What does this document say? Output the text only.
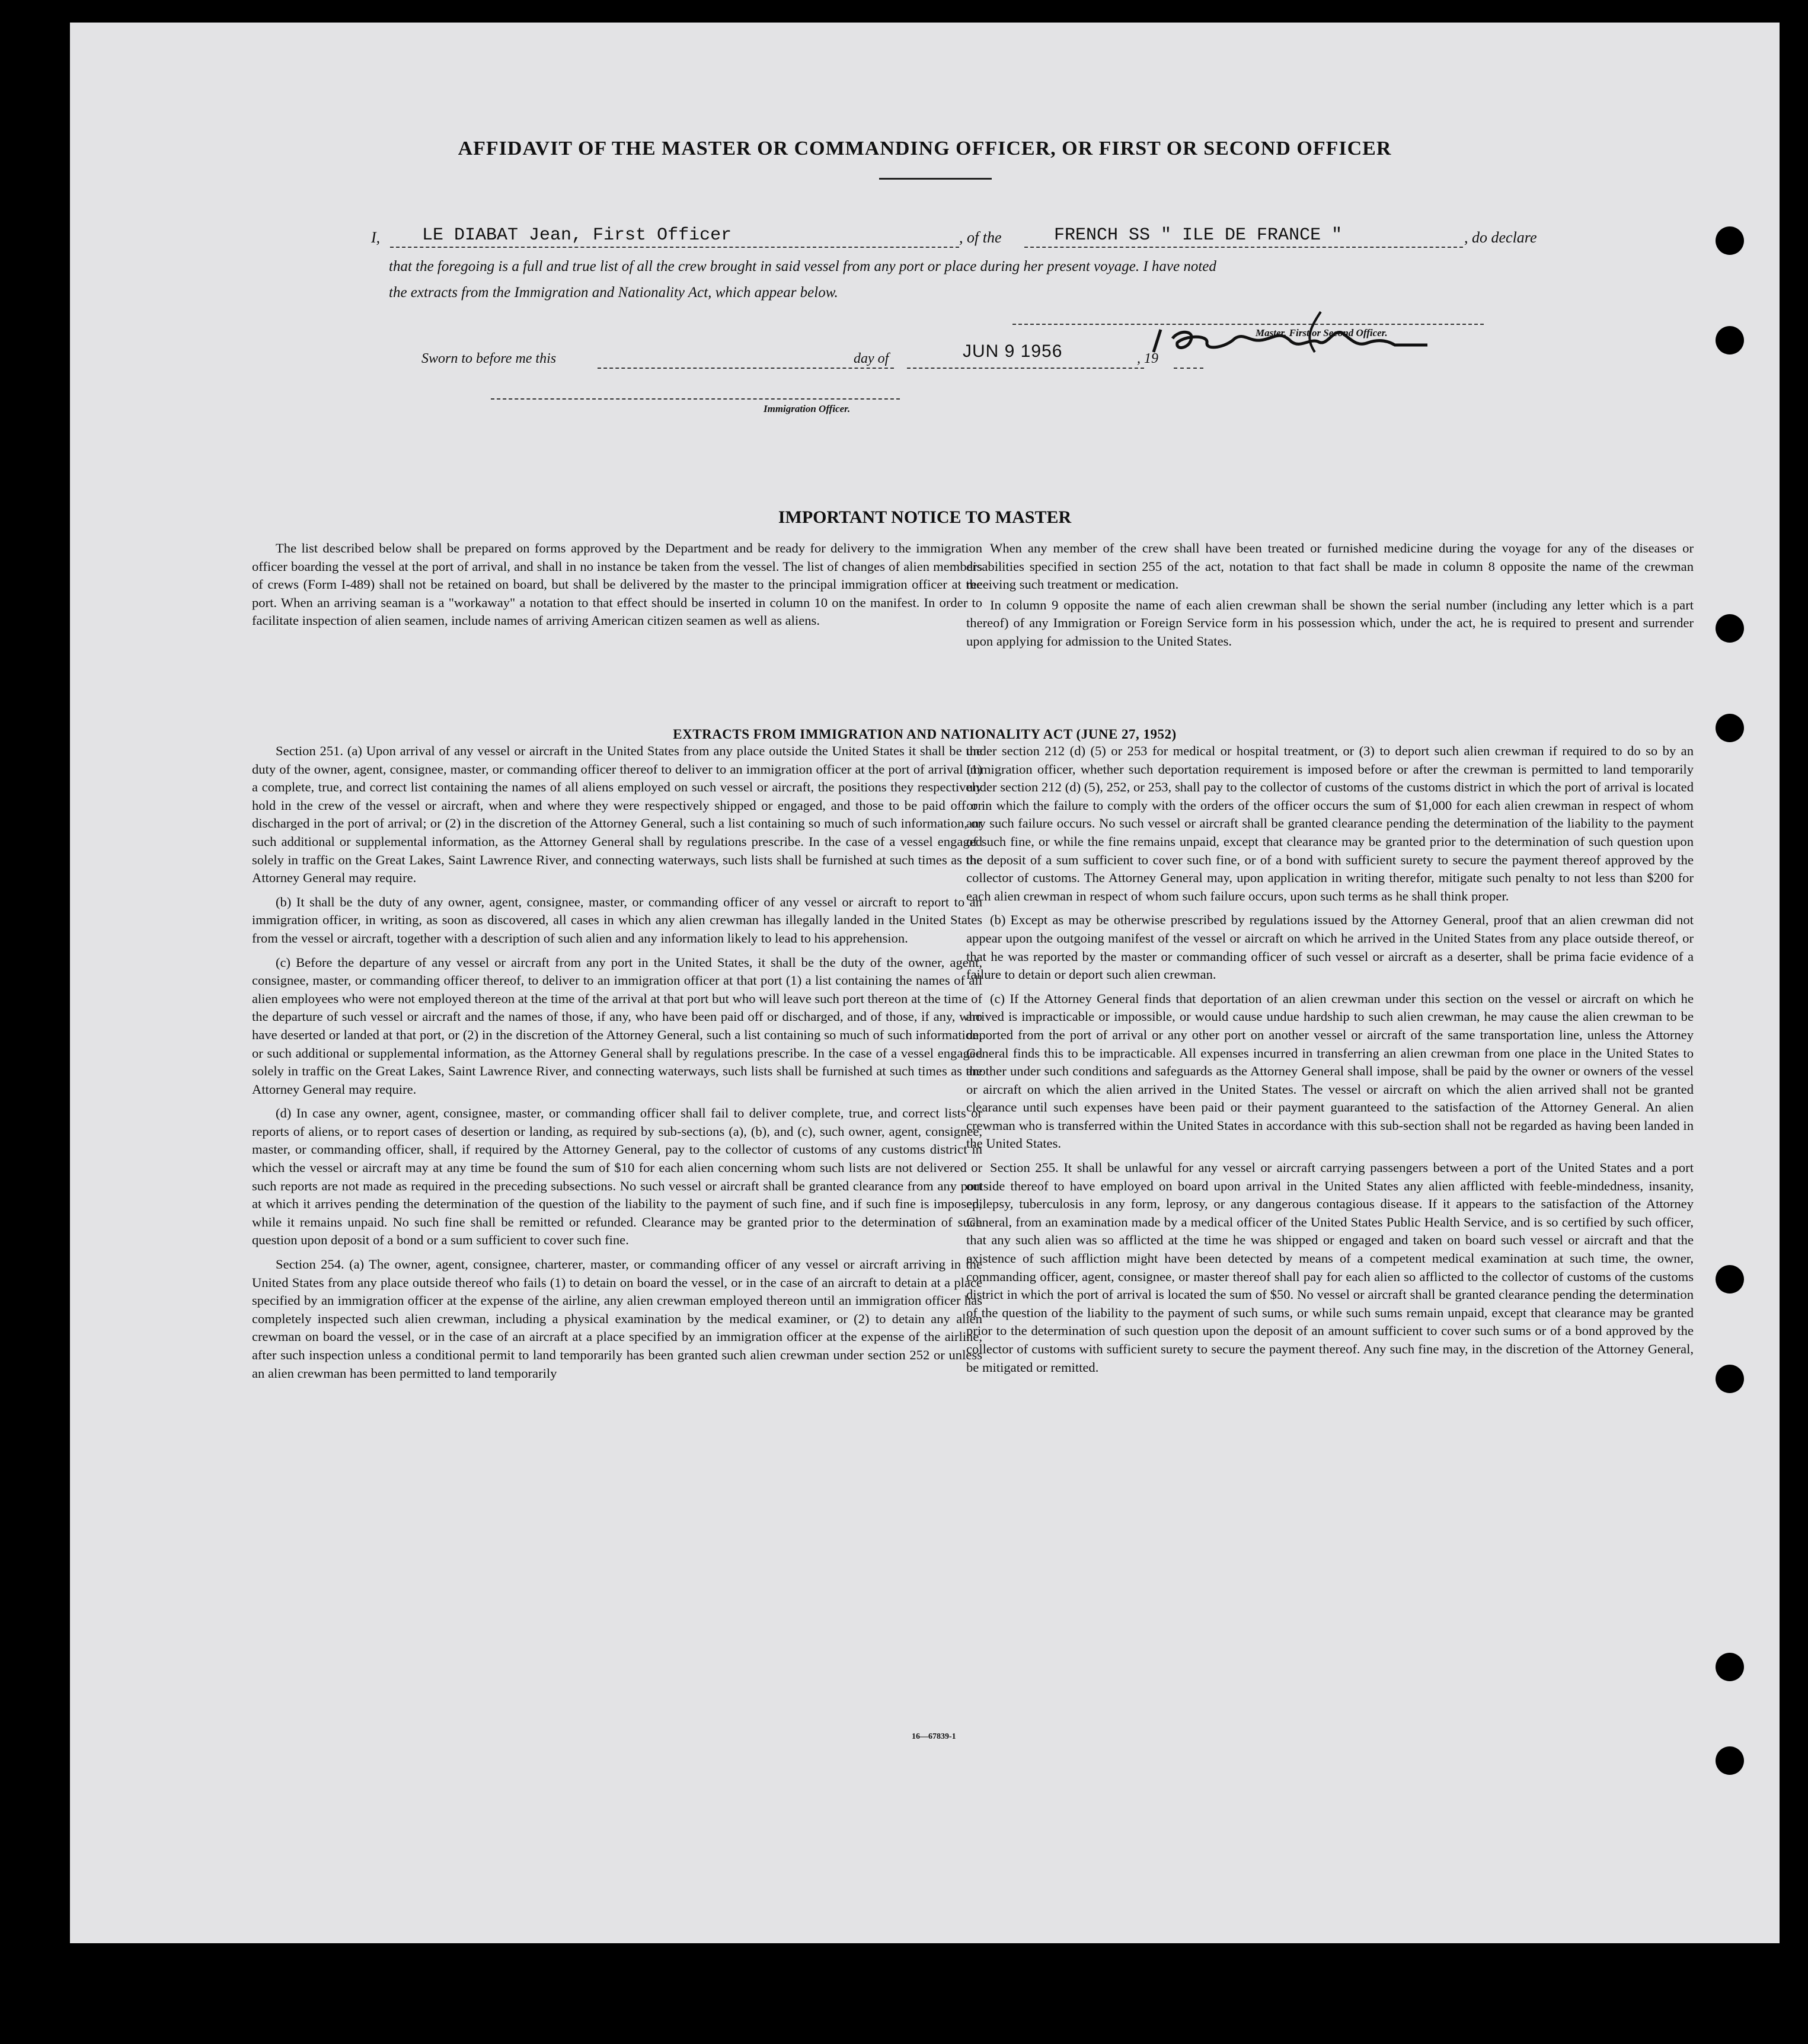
AFFIDAVIT OF THE MASTER OR COMMANDING OFFICER, OR FIRST OR SECOND OFFICER
I, LE DIABAT Jean, First Officer	, of the	FRENCH SS " ILE DE FRANCE "	, do declare
that the foregoing is a full and true list of all the crew brought in said vessel from any port or place during her present voyage. I have noted
the extracts from the Immigration and Nationality Act, which appear below.
Master, First or Second Officer.
Sworn to before me this	day of	JUN 9 1956	, 19
Immigration Officer.
IMPORTANT NOTICE TO MASTER

The list described below shall be prepared on forms approved by the Department and be ready for delivery to the immigration officer boarding the vessel at the port of arrival, and shall in no instance be taken from the vessel. The list of changes of alien members of crews (Form I-489) shall not be retained on board, but shall be delivered by the master to the principal immigration officer at the port. When an arriving seaman is a "workaway" a notation to that effect should be inserted in column 10 on the manifest. In order to facilitate inspection of alien seamen, include names of arriving American citizen seamen as well as aliens.

When any member of the crew shall have been treated or furnished medicine during the voyage for any of the diseases or disabilities specified in section 255 of the act, notation to that fact shall be made in column 8 opposite the name of the crewman receiving such treatment or medication.

In column 9 opposite the name of each alien crewman shall be shown the serial number (including any letter which is a part thereof) of any Immigration or Foreign Service form in his possession which, under the act, he is required to present and surrender upon applying for admission to the United States.

EXTRACTS FROM IMMIGRATION AND NATIONALITY ACT (JUNE 27, 1952)

Section 251. (a) Upon arrival of any vessel or aircraft in the United States from any place outside the United States it shall be the duty of the owner, agent, consignee, master, or commanding officer thereof to deliver to an immigration officer at the port of arrival (1) a complete, true, and correct list containing the names of all aliens employed on such vessel or aircraft, the positions they respectively hold in the crew of the vessel or aircraft, when and where they were respectively shipped or engaged, and those to be paid off or discharged in the port of arrival; or (2) in the discretion of the Attorney General, such a list containing so much of such information, or such additional or supplemental information, as the Attorney General shall by regulations prescribe. In the case of a vessel engaged solely in traffic on the Great Lakes, Saint Lawrence River, and connecting waterways, such lists shall be furnished at such times as the Attorney General may require.

(b) It shall be the duty of any owner, agent, consignee, master, or commanding officer of any vessel or aircraft to report to an immigration officer, in writing, as soon as discovered, all cases in which any alien crewman has illegally landed in the United States from the vessel or aircraft, together with a description of such alien and any information likely to lead to his apprehension.

(c) Before the departure of any vessel or aircraft from any port in the United States, it shall be the duty of the owner, agent, consignee, master, or commanding officer thereof, to deliver to an immigration officer at that port (1) a list containing the names of all alien employees who were not employed thereon at the time of the arrival at that port but who will leave such port thereon at the time of the departure of such vessel or aircraft and the names of those, if any, who have been paid off or discharged, and of those, if any, who have deserted or landed at that port, or (2) in the discretion of the Attorney General, such a list containing so much of such information, or such additional or supplemental information, as the Attorney General shall by regulations prescribe. In the case of a vessel engaged solely in traffic on the Great Lakes, Saint Lawrence River, and connecting waterways, such lists shall be furnished at such times as the Attorney General may require.

(d) In case any owner, agent, consignee, master, or commanding officer shall fail to deliver complete, true, and correct lists or reports of aliens, or to report cases of desertion or landing, as required by sub-sections (a), (b), and (c), such owner, agent, consignee, master, or commanding officer, shall, if required by the Attorney General, pay to the collector of customs of any customs district in which the vessel or aircraft may at any time be found the sum of $10 for each alien concerning whom such lists are not delivered or such reports are not made as required in the preceding subsections. No such vessel or aircraft shall be granted clearance from any port at which it arrives pending the determination of the question of the liability to the payment of such fine, and if such fine is imposed, while it remains unpaid. No such fine shall be remitted or refunded. Clearance may be granted prior to the determination of such question upon deposit of a bond or a sum sufficient to cover such fine.

Section 254. (a) The owner, agent, consignee, charterer, master, or commanding officer of any vessel or aircraft arriving in the United States from any place outside thereof who fails (1) to detain on board the vessel, or in the case of an aircraft to detain at a place specified by an immigration officer at the expense of the airline, any alien crewman employed thereon until an immigration officer has completely inspected such alien crewman, including a physical examination by the medical examiner, or (2) to detain any alien crewman on board the vessel, or in the case of an aircraft at a place specified by an immigration officer at the expense of the airline, after such inspection unless a conditional permit to land temporarily has been granted such alien crewman under section 252 or unless an alien crewman has been permitted to land temporarily

under section 212 (d) (5) or 253 for medical or hospital treatment, or (3) to deport such alien crewman if required to do so by an immigration officer, whether such deportation requirement is imposed before or after the crewman is permitted to land temporarily under section 212 (d) (5), 252, or 253, shall pay to the collector of customs of the customs district in which the port of arrival is located or in which the failure to comply with the orders of the officer occurs the sum of $1,000 for each alien crewman in respect of whom any such failure occurs. No such vessel or aircraft shall be granted clearance pending the determination of the liability to the payment of such fine, or while the fine remains unpaid, except that clearance may be granted prior to the determination of such question upon the deposit of a sum sufficient to cover such fine, or of a bond with sufficient surety to secure the payment thereof approved by the collector of customs. The Attorney General may, upon application in writing therefor, mitigate such penalty to not less than $200 for each alien crewman in respect of whom such failure occurs, upon such terms as he shall think proper.

(b) Except as may be otherwise prescribed by regulations issued by the Attorney General, proof that an alien crewman did not appear upon the outgoing manifest of the vessel or aircraft on which he arrived in the United States from any place outside thereof, or that he was reported by the master or commanding officer of such vessel or aircraft as a deserter, shall be prima facie evidence of a failure to detain or deport such alien crewman.

(c) If the Attorney General finds that deportation of an alien crewman under this section on the vessel or aircraft on which he arrived is impracticable or impossible, or would cause undue hardship to such alien crewman, he may cause the alien crewman to be deported from the port of arrival or any other port on another vessel or aircraft of the same transportation line, unless the Attorney General finds this to be impracticable. All expenses incurred in transferring an alien crewman from one place in the United States to another under such conditions and safeguards as the Attorney General shall impose, shall be paid by the owner or owners of the vessel or aircraft on which the alien arrived in the United States. The vessel or aircraft on which the alien arrived shall not be granted clearance until such expenses have been paid or their payment guaranteed to the satisfaction of the Attorney General. An alien crewman who is transferred within the United States in accordance with this sub-section shall not be regarded as having been landed in the United States.

Section 255. It shall be unlawful for any vessel or aircraft carrying passengers between a port of the United States and a port outside thereof to have employed on board upon arrival in the United States any alien afflicted with feeble-mindedness, insanity, epilepsy, tuberculosis in any form, leprosy, or any dangerous contagious disease. If it appears to the satisfaction of the Attorney General, from an examination made by a medical officer of the United States Public Health Service, and is so certified by such officer, that any such alien was so afflicted at the time he was shipped or engaged and taken on board such vessel or aircraft and that the existence of such affliction might have been detected by means of a competent medical examination at such time, the owner, commanding officer, agent, consignee, or master thereof shall pay for each alien so afflicted to the collector of customs of the customs district in which the port of arrival is located the sum of $50. No vessel or aircraft shall be granted clearance pending the determination of the question of the liability to the payment of such sums, or while such sums remain unpaid, except that clearance may be granted prior to the determination of such question upon the deposit of an amount sufficient to cover such sums or of a bond approved by the collector of customs with sufficient surety to secure the payment thereof. Any such fine may, in the discretion of the Attorney General, be mitigated or remitted.

16—67839-1
